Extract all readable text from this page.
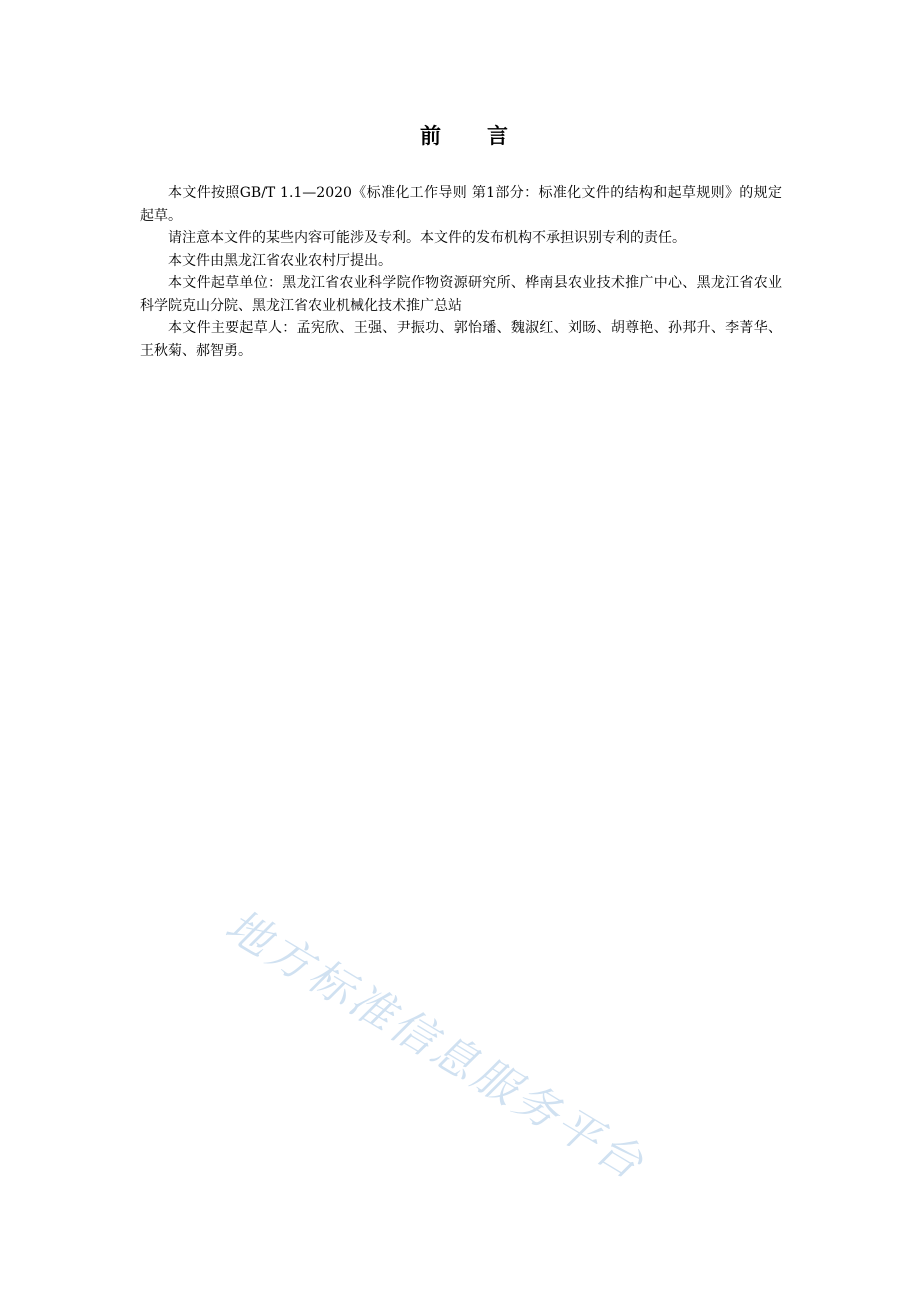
前言

本文件按照GB/T 1.1—2020《标准化工作导则 第1部分：标准化文件的结构和起草规则》的规定起草。

请注意本文件的某些内容可能涉及专利。本文件的发布机构不承担识别专利的责任。

本文件由黑龙江省农业农村厅提出。

本文件起草单位：黑龙江省农业科学院作物资源研究所、桦南县农业技术推广中心、黑龙江省农业科学院克山分院、黑龙江省农业机械化技术推广总站

本文件主要起草人：孟宪欣、王强、尹振功、郭怡璠、魏淑红、刘旸、胡尊艳、孙邦升、李菁华、王秋菊、郝智勇。

地方标准信息服务平台
